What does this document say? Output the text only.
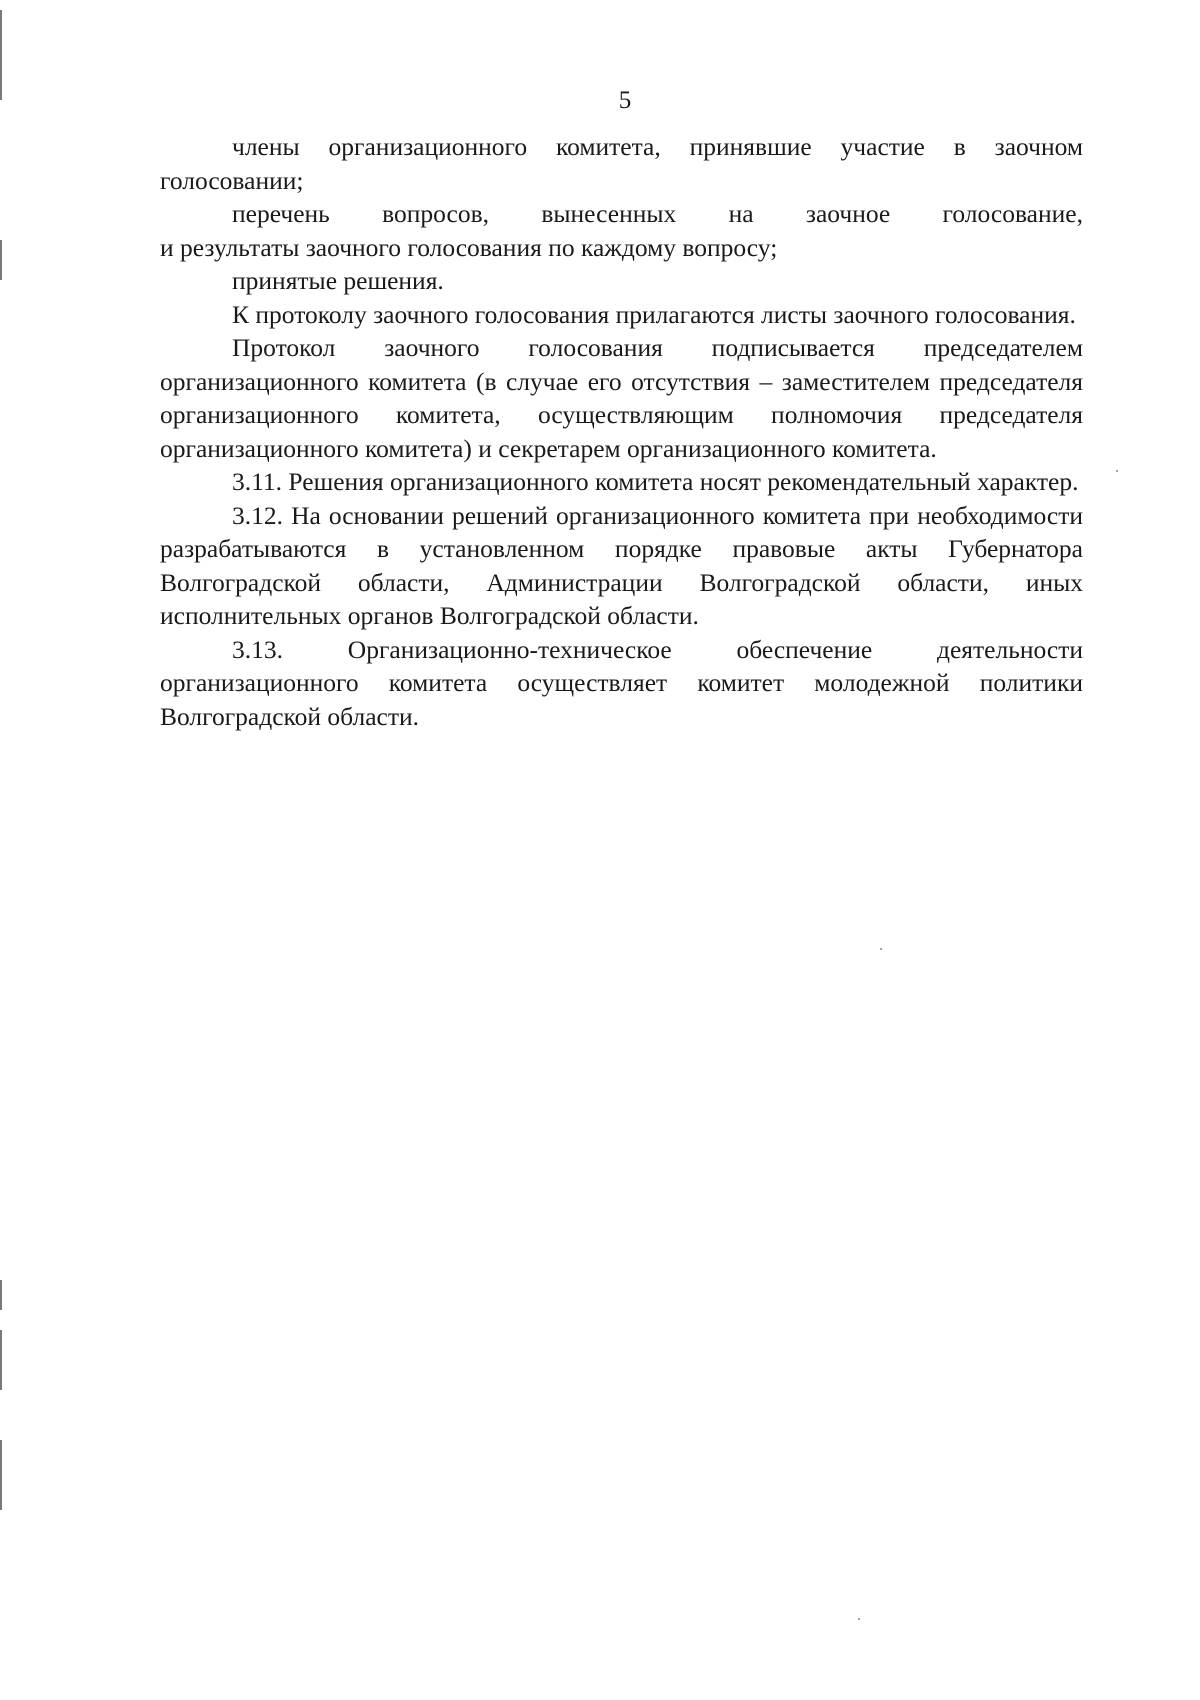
5

члены организационного комитета, принявшие участие в заочном голосовании;

перечень вопросов, вынесенных на заочное голосование,

и результаты заочного голосования по каждому вопросу;

принятые решения.

К протоколу заочного голосования прилагаются листы заочного голосования.

Протокол заочного голосования подписывается председателем организационного комитета (в случае его отсутствия – заместителем председателя организационного комитета, осуществляющим полномочия председателя организационного комитета) и секретарем организационного комитета.

3.11. Решения организационного комитета носят рекомендательный характер.

3.12. На основании решений организационного комитета при необходимости разрабатываются в установленном порядке правовые акты Губернатора Волгоградской области, Администрации Волгоградской области, иных исполнительных органов Волгоградской области.

3.13. Организационно-техническое обеспечение деятельности организационного комитета осуществляет комитет молодежной политики Волгоградской области.
